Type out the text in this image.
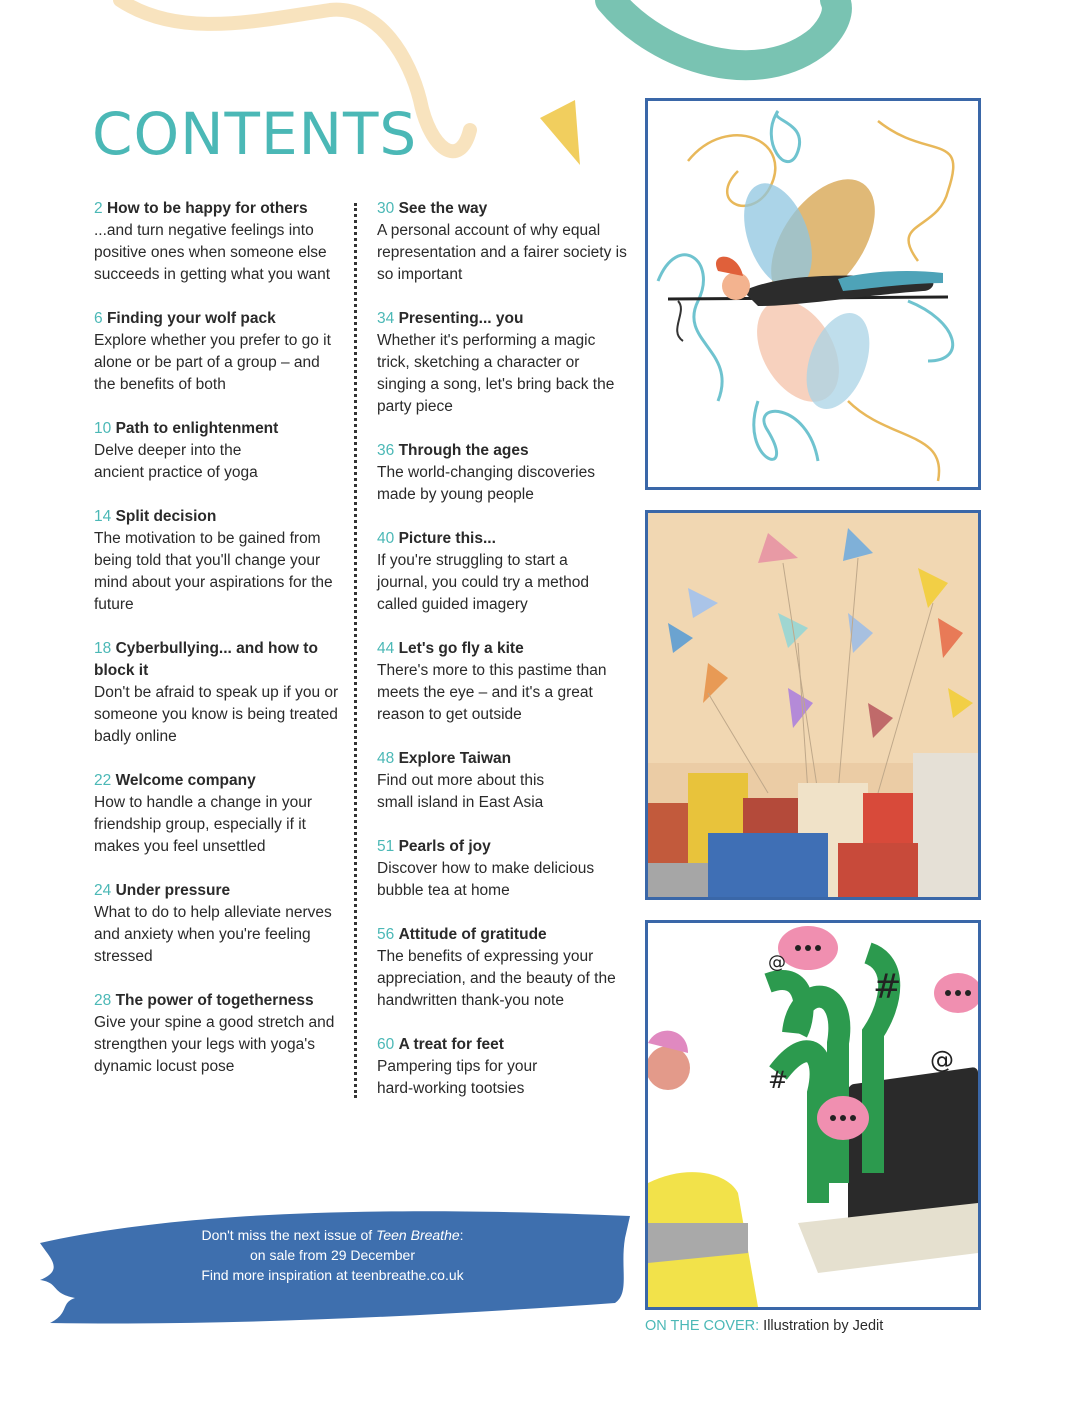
CONTENTS

2 How to be happy for others
...and turn negative feelings into positive ones when someone else succeeds in getting what you want

6 Finding your wolf pack
Explore whether you prefer to go it alone or be part of a group – and the benefits of both

10 Path to enlightenment
Delve deeper into the ancient practice of yoga

14 Split decision
The motivation to be gained from being told that you'll change your mind about your aspirations for the future

18 Cyberbullying... and how to block it
Don't be afraid to speak up if you or someone you know is being treated badly online

22 Welcome company
How to handle a change in your friendship group, especially if it makes you feel unsettled

24 Under pressure
What to do to help alleviate nerves and anxiety when you're feeling stressed

28 The power of togetherness
Give your spine a good stretch and strengthen your legs with yoga's dynamic locust pose

30 See the way
A personal account of why equal representation and a fairer society is so important

34 Presenting... you
Whether it's performing a magic trick, sketching a character or singing a song, let's bring back the party piece

36 Through the ages
The world-changing discoveries made by young people

40 Picture this...
If you're struggling to start a journal, you could try a method called guided imagery

44 Let's go fly a kite
There's more to this pastime than meets the eye – and it's a great reason to get outside

48 Explore Taiwan
Find out more about this small island in East Asia

51 Pearls of joy
Discover how to make delicious bubble tea at home

56 Attitude of gratitude
The benefits of expressing your appreciation, and the beauty of the handwritten thank-you note

60 A treat for feet
Pampering tips for your hard-working tootsies

#
#
@
@

Don't miss the next issue of Teen Breathe:

on sale from 29 December

Find more inspiration at teenbreathe.co.uk

ON THE COVER: Illustration by Jedit
